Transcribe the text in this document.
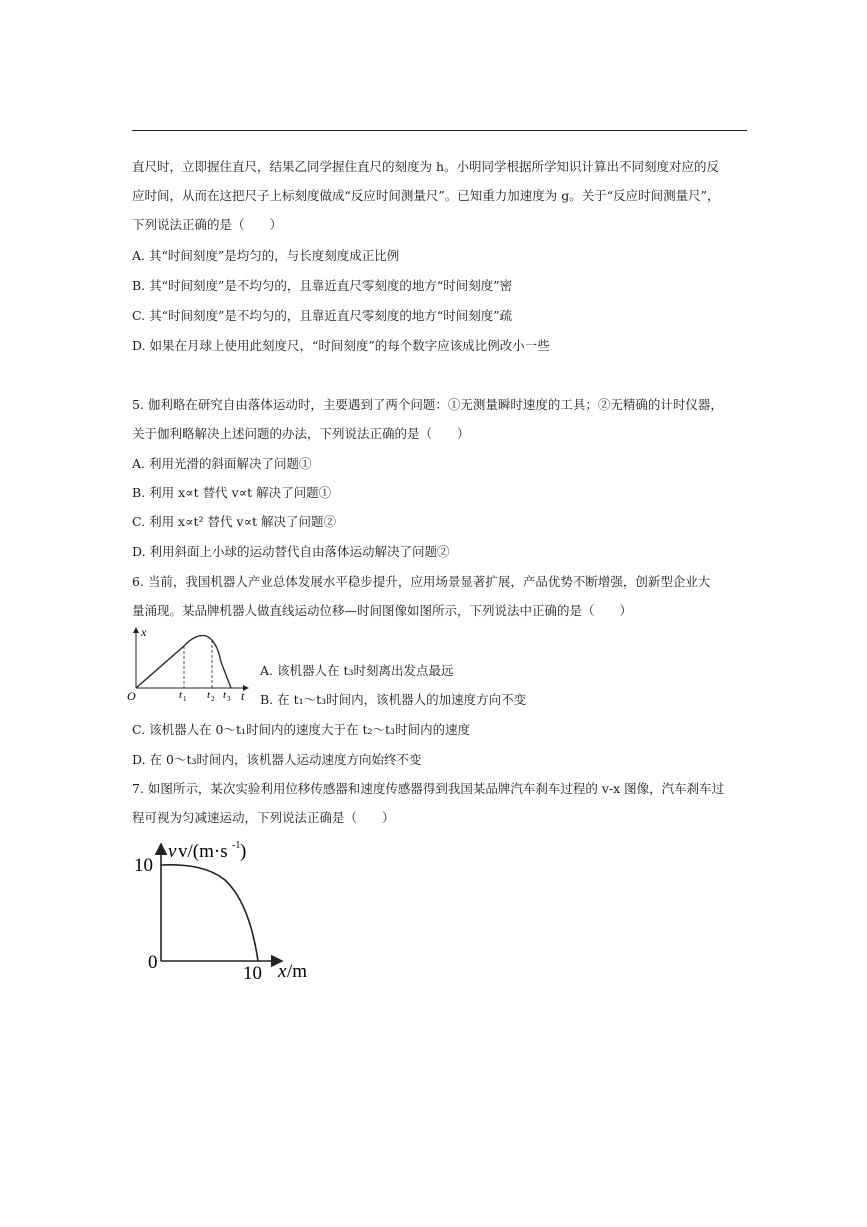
直尺时，立即握住直尺，结果乙同学握住直尺的刻度为 h。小明同学根据所学知识计算出不同刻度对应的反
应时间，从而在这把尺子上标刻度做成“反应时间测量尺”。已知重力加速度为 g。关于“反应时间测量尺”，
下列说法正确的是（　　）
A. 其“时间刻度”是均匀的，与长度刻度成正比例
B. 其“时间刻度”是不均匀的，且靠近直尺零刻度的地方“时间刻度”密
C. 其“时间刻度”是不均匀的，且靠近直尺零刻度的地方“时间刻度”疏
D. 如果在月球上使用此刻度尺，“时间刻度”的每个数字应该成比例改小一些
5. 伽利略在研究自由落体运动时，主要遇到了两个问题：①无测量瞬时速度的工具；②无精确的计时仪器，
关于伽利略解决上述问题的办法，下列说法正确的是（　　）
A. 利用光滑的斜面解决了问题①
B. 利用 x∝t 替代 v∝t 解决了问题①
C. 利用 x∝t² 替代 v∝t 解决了问题②
D. 利用斜面上小球的运动替代自由落体运动解决了问题②
6. 当前，我国机器人产业总体发展水平稳步提升，应用场景显著扩展，产品优势不断增强，创新型企业大
量涌现。某品牌机器人做直线运动位移—时间图像如图所示，下列说法中正确的是（　　）
x
O	t
t 1 t 2 t 3
A. 该机器人在 t₃时刻离出发点最远
B. 在 t₁～t₃时间内，该机器人的加速度方向不变
C. 该机器人在 0～t₁时间内的速度大于在 t₂～t₃时间内的速度
D. 在 0～t₃时间内，该机器人运动速度方向始终不变
7. 如图所示，某次实验利用位移传感器和速度传感器得到我国某品牌汽车刹车过程的 v-x 图像，汽车刹车过
程可视为匀减速运动，下列说法正确是（　　）
v v/(m·s -1 )
10
0
10 x /m
